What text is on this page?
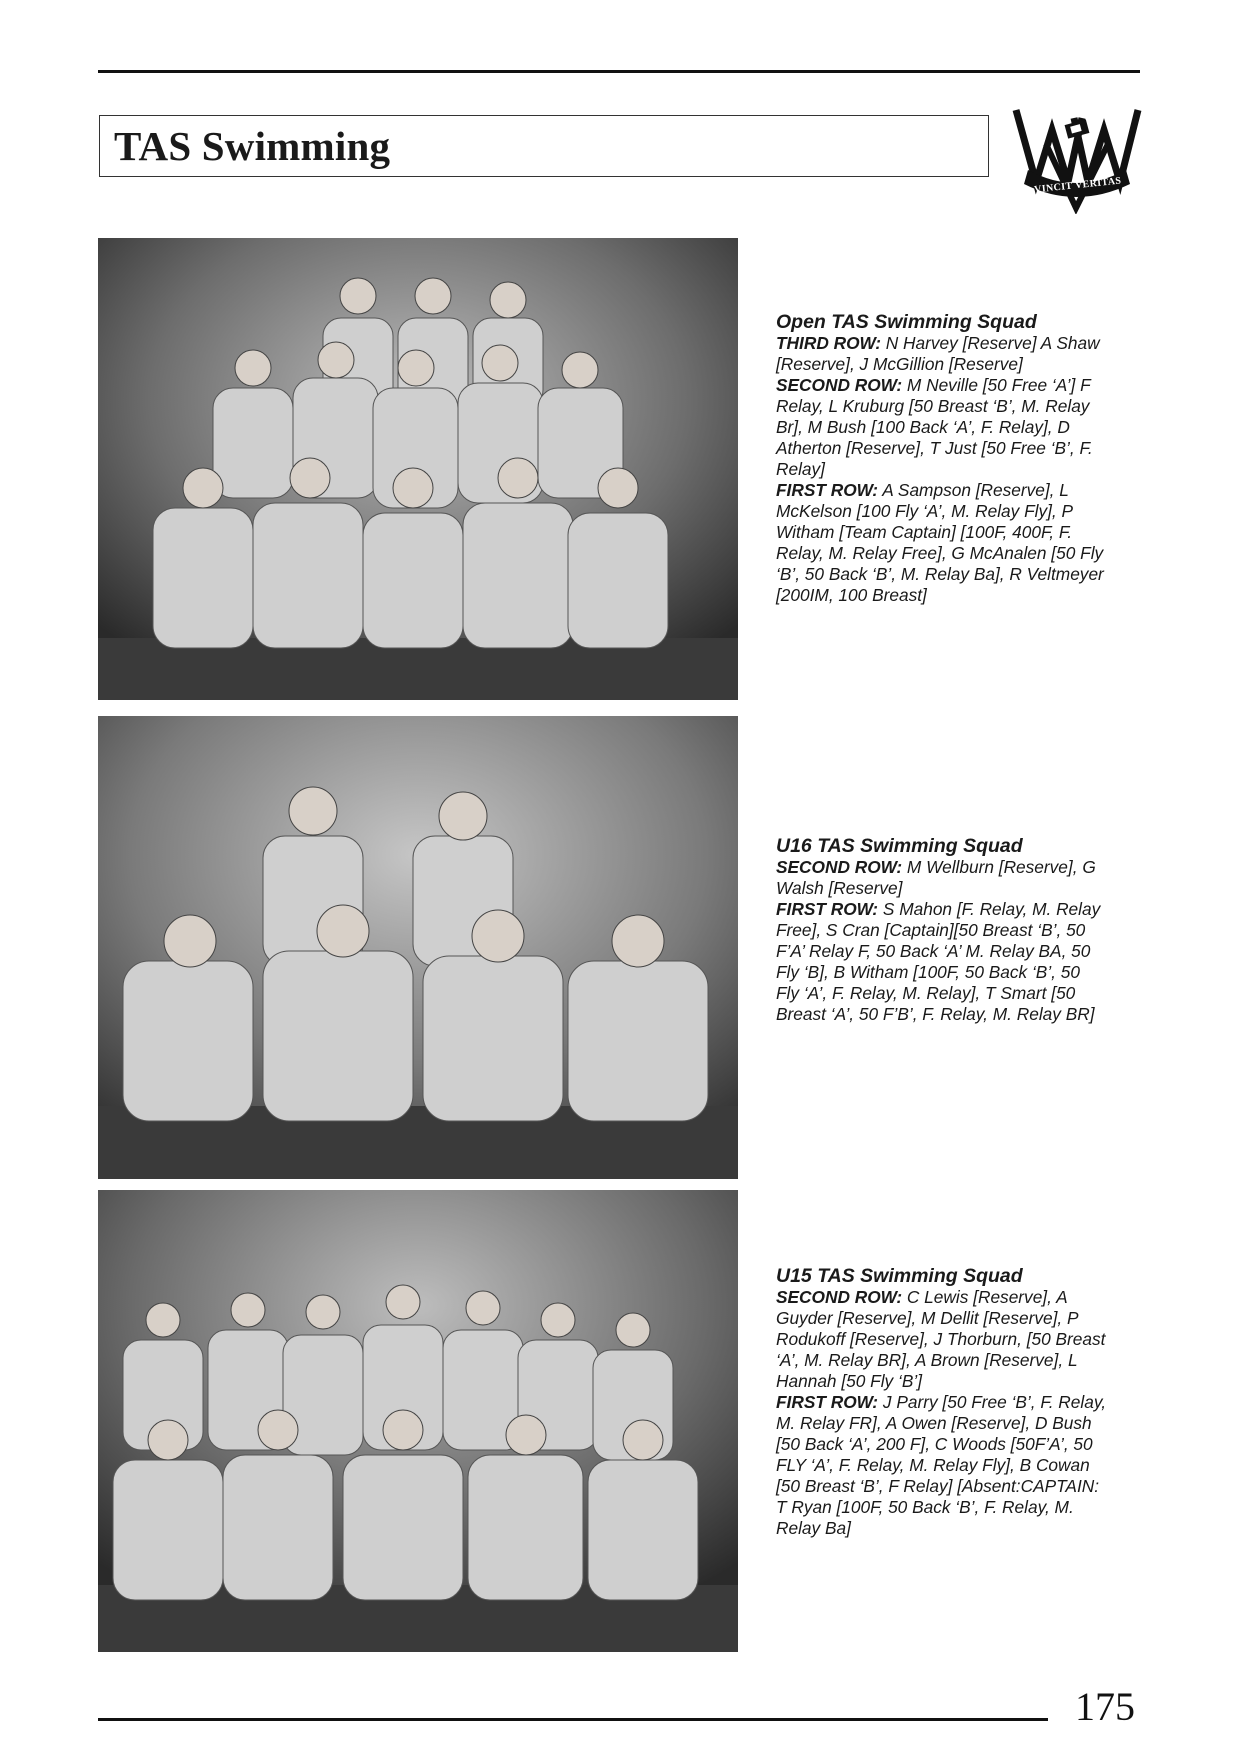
TAS Swimming
VINCIT VERITAS
Open TAS Swimming Squad
THIRD ROW: N Harvey [Reserve] A Shaw [Reserve], J McGillion [Reserve]
SECOND ROW: M Neville [50 Free ‘A’] F Relay, L Kruburg [50 Breast ‘B’, M. Relay Br], M Bush [100 Back ‘A’, F. Relay], D Atherton [Reserve], T Just [50 Free ‘B’, F. Relay]
FIRST ROW: A Sampson [Reserve], L McKelson [100 Fly ‘A’, M. Relay Fly], P Witham [Team Captain] [100F, 400F, F. Relay, M. Relay Free], G McAnalen [50 Fly ‘B’, 50 Back ‘B’, M. Relay Ba], R Veltmeyer [200IM, 100 Breast]
U16 TAS Swimming Squad
SECOND ROW: M Wellburn [Reserve], G Walsh [Reserve]
FIRST ROW: S Mahon [F. Relay, M. Relay Free], S Cran [Captain][50 Breast ‘B’, 50 F’A’ Relay F, 50 Back ‘A’ M. Relay BA, 50 Fly ‘B], B Witham [100F, 50 Back ‘B’, 50 Fly ‘A’, F. Relay, M. Relay], T Smart [50 Breast ‘A’, 50 F’B’, F. Relay, M. Relay BR]
U15 TAS Swimming Squad
SECOND ROW: C Lewis [Reserve], A Guyder [Reserve], M Dellit [Reserve], P Rodukoff [Reserve], J Thorburn, [50 Breast ‘A’, M. Relay BR], A Brown [Reserve], L Hannah [50 Fly ‘B’]
FIRST ROW: J Parry [50 Free ‘B’, F. Relay, M. Relay FR], A Owen [Reserve], D Bush [50 Back ‘A’, 200 F], C Woods [50F’A’, 50 FLY ‘A’, F. Relay, M. Relay Fly], B Cowan [50 Breast ‘B’, F Relay] [Absent:CAPTAIN: T Ryan [100F, 50 Back ‘B’, F. Relay, M. Relay Ba]
175
